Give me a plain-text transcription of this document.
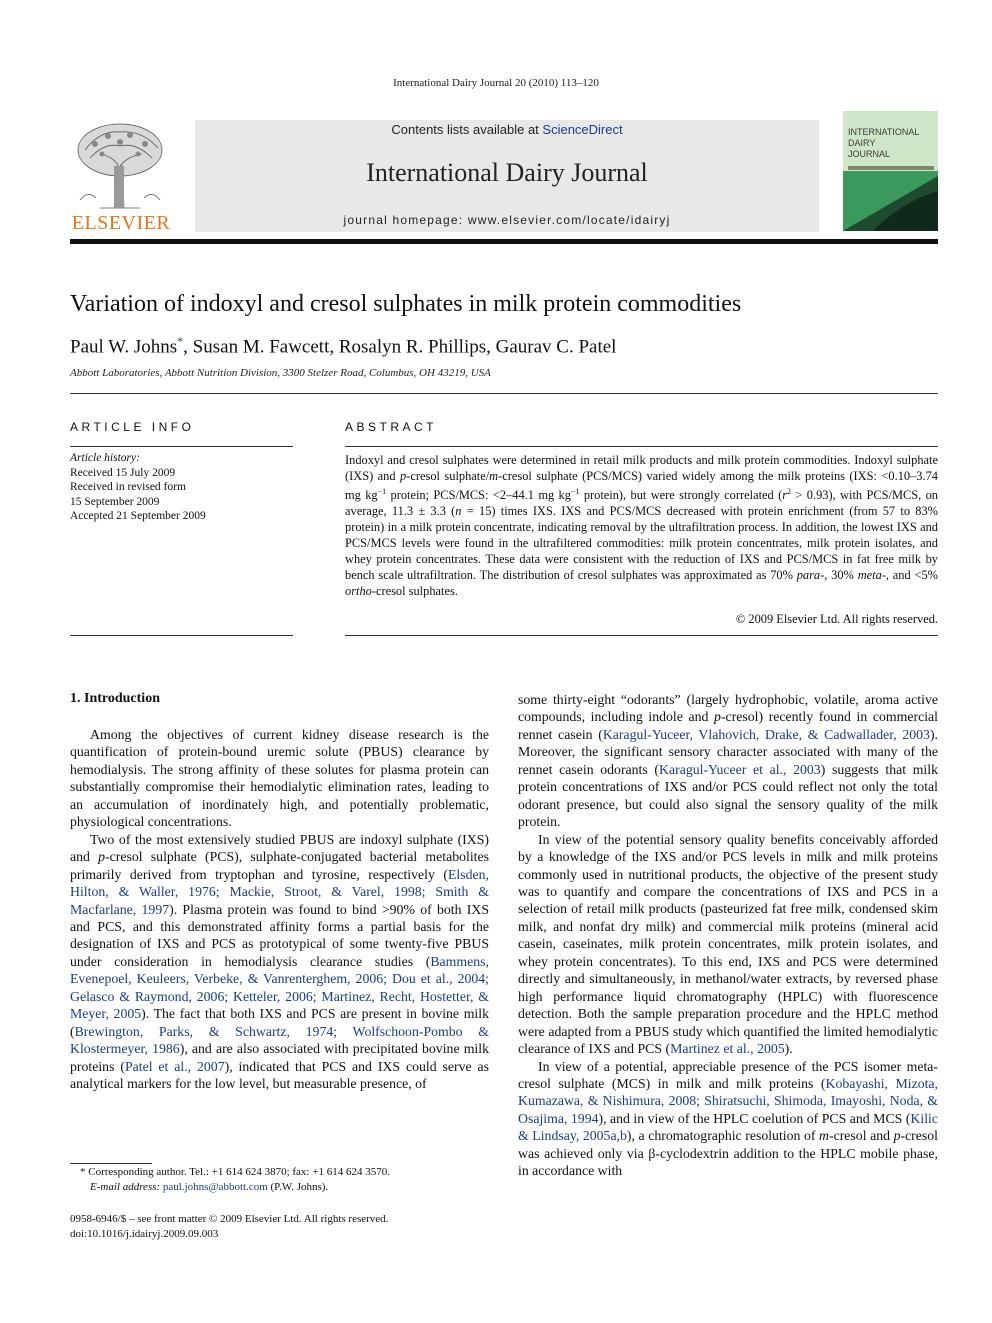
International Dairy Journal 20 (2010) 113–120
ELSEVIER
Contents lists available at ScienceDirect
International Dairy Journal
journal homepage: www.elsevier.com/locate/idairyj
INTERNATIONAL
DAIRY
JOURNAL
Variation of indoxyl and cresol sulphates in milk protein commodities
Paul W. Johns*, Susan M. Fawcett, Rosalyn R. Phillips, Gaurav C. Patel
Abbott Laboratories, Abbott Nutrition Division, 3300 Stelzer Road, Columbus, OH 43219, USA
ARTICLE INFO
Article history:
Received 15 July 2009
Received in revised form
15 September 2009
Accepted 21 September 2009
ABSTRACT
Indoxyl and cresol sulphates were determined in retail milk products and milk protein commodities. Indoxyl sulphate (IXS) and p-cresol sulphate/m-cresol sulphate (PCS/MCS) varied widely among the milk proteins (IXS: <0.10–3.74 mg $kg^{-1}$ protein; PCS/MCS: <2–44.1 mg $kg^{-1}$ protein), but were strongly correlated $(r^2 > 0.93)$, with PCS/MCS, on average, 11.3 ± 3.3 (n = 15) times IXS. IXS and PCS/MCS decreased with protein enrichment (from 57 to 83% protein) in a milk protein concentrate, indicating removal by the ultrafiltration process. In addition, the lowest IXS and PCS/MCS levels were found in the ultrafiltered commodities: milk protein concentrates, milk protein isolates, and whey protein concentrates. These data were consistent with the reduction of IXS and PCS/MCS in fat free milk by bench scale ultrafiltration. The distribution of cresol sulphates was approximated as 70% para-, 30% meta-, and <5% ortho-cresol sulphates.
© 2009 Elsevier Ltd. All rights reserved.
1. Introduction

Among the objectives of current kidney disease research is the quantification of protein-bound uremic solute (PBUS) clearance by hemodialysis. The strong affinity of these solutes for plasma protein can substantially compromise their hemodialytic elimination rates, leading to an accumulation of inordinately high, and potentially problematic, physiological concentrations.

Two of the most extensively studied PBUS are indoxyl sulphate (IXS) and p-cresol sulphate (PCS), sulphate-conjugated bacterial metabolites primarily derived from tryptophan and tyrosine, respectively (Elsden, Hilton, & Waller, 1976; Mackie, Stroot, & Varel, 1998; Smith & Macfarlane, 1997). Plasma protein was found to bind >90% of both IXS and PCS, and this demonstrated affinity forms a partial basis for the designation of IXS and PCS as prototypical of some twenty-five PBUS under consideration in hemodialysis clearance studies (Bammens, Evenepoel, Keuleers, Verbeke, & Vanrenterghem, 2006; Dou et al., 2004; Gelasco & Raymond, 2006; Ketteler, 2006; Martinez, Recht, Hostetter, & Meyer, 2005). The fact that both IXS and PCS are present in bovine milk (Brewington, Parks, & Schwartz, 1974; Wolfschoon-Pombo & Klostermeyer, 1986), and are also associated with precipitated bovine milk proteins (Patel et al., 2007), indicated that PCS and IXS could serve as analytical markers for the low level, but measurable presence, of

some thirty-eight “odorants” (largely hydrophobic, volatile, aroma active compounds, including indole and p-cresol) recently found in commercial rennet casein (Karagul-Yuceer, Vlahovich, Drake, & Cadwallader, 2003). Moreover, the significant sensory character associated with many of the rennet casein odorants (Karagul-Yuceer et al., 2003) suggests that milk protein concentrations of IXS and/or PCS could reflect not only the total odorant presence, but could also signal the sensory quality of the milk protein.

In view of the potential sensory quality benefits conceivably afforded by a knowledge of the IXS and/or PCS levels in milk and milk proteins commonly used in nutritional products, the objective of the present study was to quantify and compare the concentrations of IXS and PCS in a selection of retail milk products (pasteurized fat free milk, condensed skim milk, and nonfat dry milk) and commercial milk proteins (mineral acid casein, caseinates, milk protein concentrates, milk protein isolates, and whey protein concentrates). To this end, IXS and PCS were determined directly and simultaneously, in methanol/water extracts, by reversed phase high performance liquid chromatography (HPLC) with fluorescence detection. Both the sample preparation procedure and the HPLC method were adapted from a PBUS study which quantified the limited hemodialytic clearance of IXS and PCS (Martinez et al., 2005).

In view of a potential, appreciable presence of the PCS isomer meta-cresol sulphate (MCS) in milk and milk proteins (Kobayashi, Mizota, Kumazawa, & Nishimura, 2008; Shiratsuchi, Shimoda, Imayoshi, Noda, & Osajima, 1994), and in view of the HPLC coelution of PCS and MCS (Kilic & Lindsay, 2005a,b), a chromatographic resolution of m-cresol and p-cresol was achieved only via β-cyclodextrin addition to the HPLC mobile phase, in accordance with

* Corresponding author. Tel.: +1 614 624 3870; fax: +1 614 624 3570.
E-mail address: paul.johns@abbott.com (P.W. Johns).
0958-6946/$ – see front matter © 2009 Elsevier Ltd. All rights reserved.
doi:10.1016/j.idairyj.2009.09.003
